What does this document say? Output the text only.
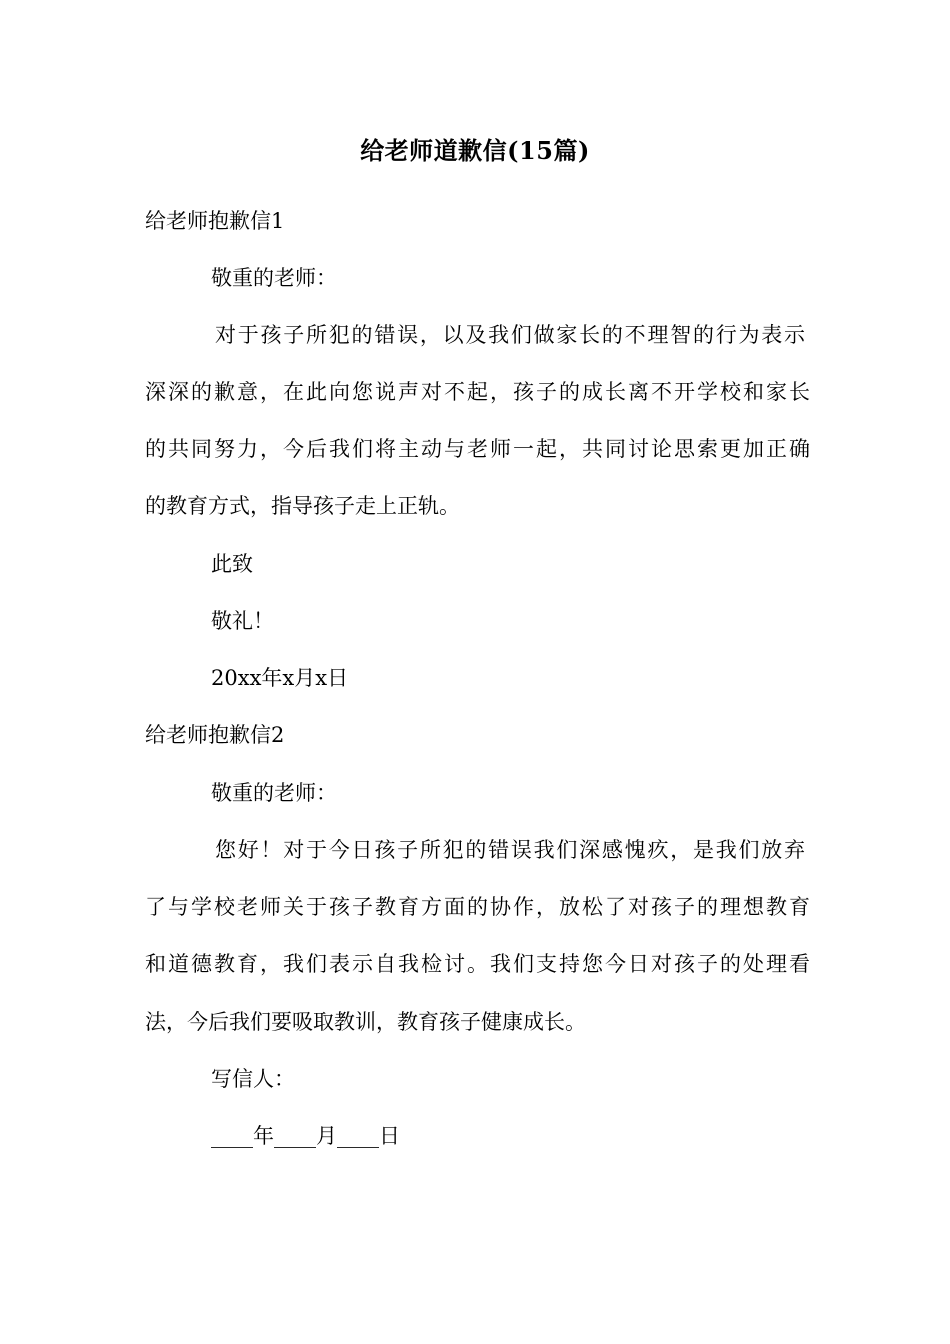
给老师道歉信(15篇)
给老师抱歉信1
敬重的老师：
对于孩子所犯的错误，以及我们做家长的不理智的行为表示
深深的歉意，在此向您说声对不起，孩子的成长离不开学校和家长
的共同努力，今后我们将主动与老师一起，共同讨论思索更加正确
的教育方式，指导孩子走上正轨。
此致
敬礼！
20xx年x月x日
给老师抱歉信2
敬重的老师：
您好！对于今日孩子所犯的错误我们深感愧疚，是我们放弃
了与学校老师关于孩子教育方面的协作，放松了对孩子的理想教育
和道德教育，我们表示自我检讨。我们支持您今日对孩子的处理看
法，今后我们要吸取教训，教育孩子健康成长。
写信人：
____年____月____日
